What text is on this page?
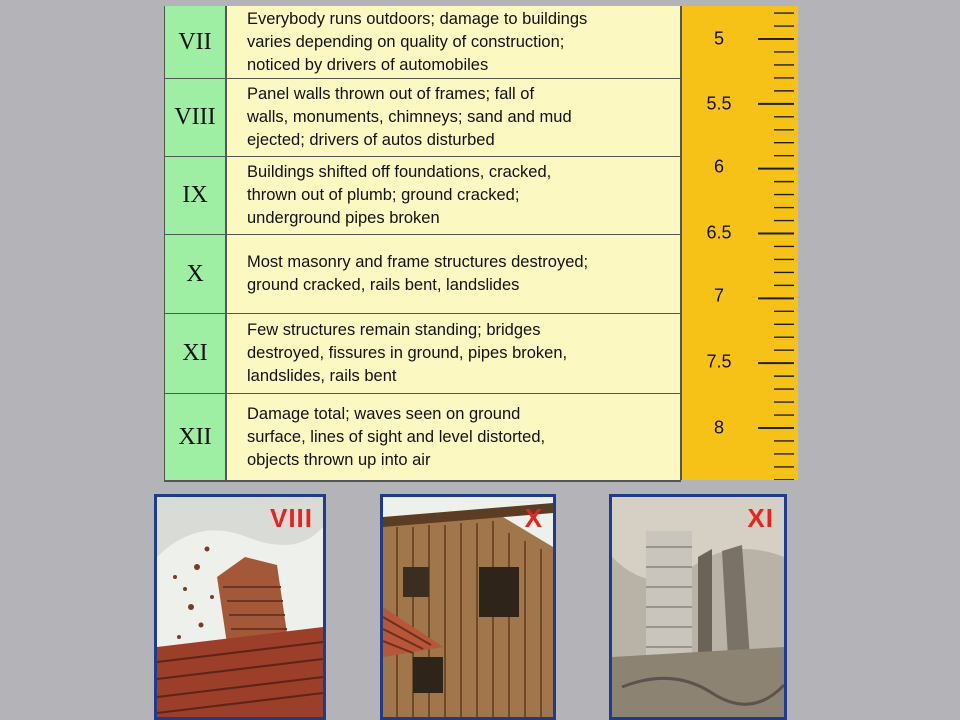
VII
Everybody runs outdoors; damage to buildings
varies depending on quality of construction;
noticed by drivers of automobiles
VIII
Panel walls thrown out of frames; fall of
walls, monuments, chimneys; sand and mud
ejected; drivers of autos disturbed
IX
Buildings shifted off foundations, cracked,
thrown out of plumb; ground cracked;
underground pipes broken
X	Most masonry and frame structures destroyed;
ground cracked, rails bent, landslides
XI
Few structures remain standing; bridges
destroyed, fissures in ground, pipes broken,
landslides, rails bent
XII
Damage total; waves seen on ground
surface, lines of sight and level distorted,
objects thrown up into air
5
5.5
6
6.5
7
7.5
8
VIII	X	XI
